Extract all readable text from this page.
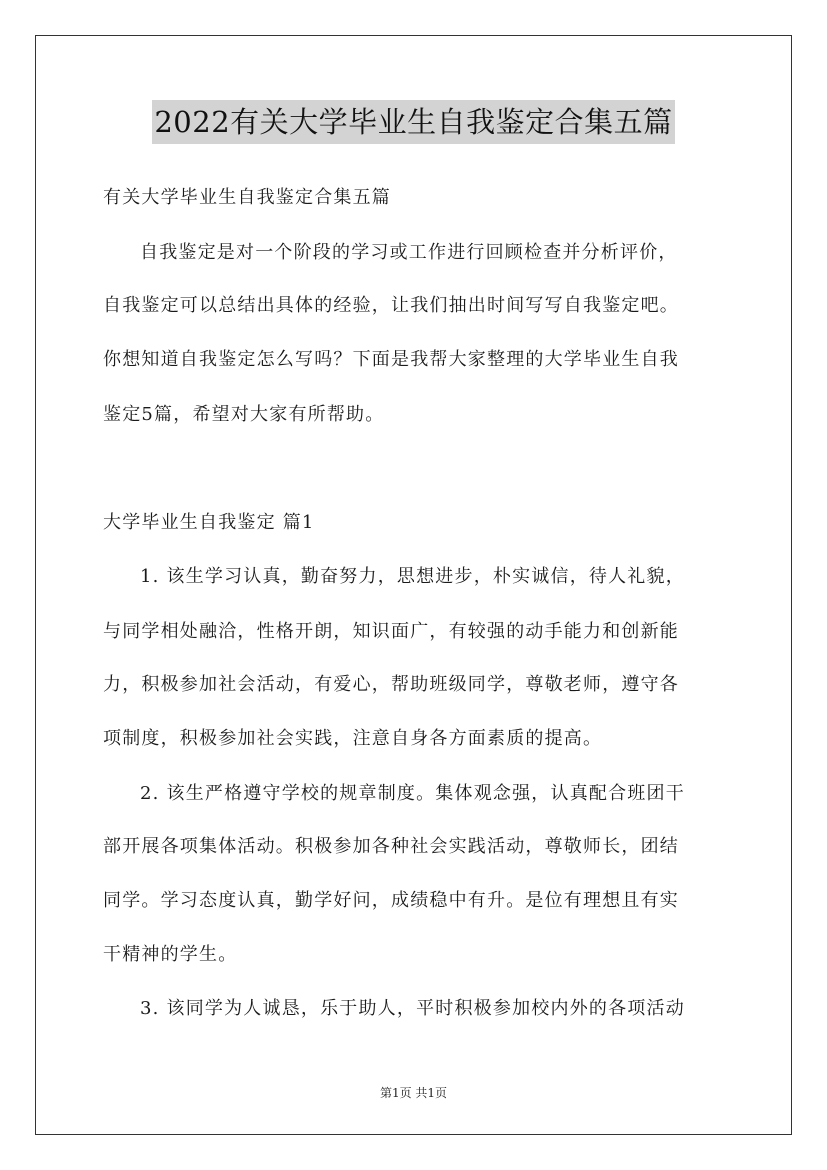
2022有关大学毕业生自我鉴定合集五篇
有关大学毕业生自我鉴定合集五篇
自我鉴定是对一个阶段的学习或工作进行回顾检查并分析评价，
自我鉴定可以总结出具体的经验，让我们抽出时间写写自我鉴定吧。
你想知道自我鉴定怎么写吗？下面是我帮大家整理的大学毕业生自我
鉴定5篇，希望对大家有所帮助。
大学毕业生自我鉴定 篇1
1. 该生学习认真，勤奋努力，思想进步，朴实诚信，待人礼貌，
与同学相处融洽，性格开朗，知识面广，有较强的动手能力和创新能
力，积极参加社会活动，有爱心，帮助班级同学，尊敬老师，遵守各
项制度，积极参加社会实践，注意自身各方面素质的提高。
2. 该生严格遵守学校的规章制度。集体观念强，认真配合班团干
部开展各项集体活动。积极参加各种社会实践活动，尊敬师长，团结
同学。学习态度认真，勤学好问，成绩稳中有升。是位有理想且有实
干精神的学生。
3. 该同学为人诚恳，乐于助人，平时积极参加校内外的各项活动
第1页 共1页
